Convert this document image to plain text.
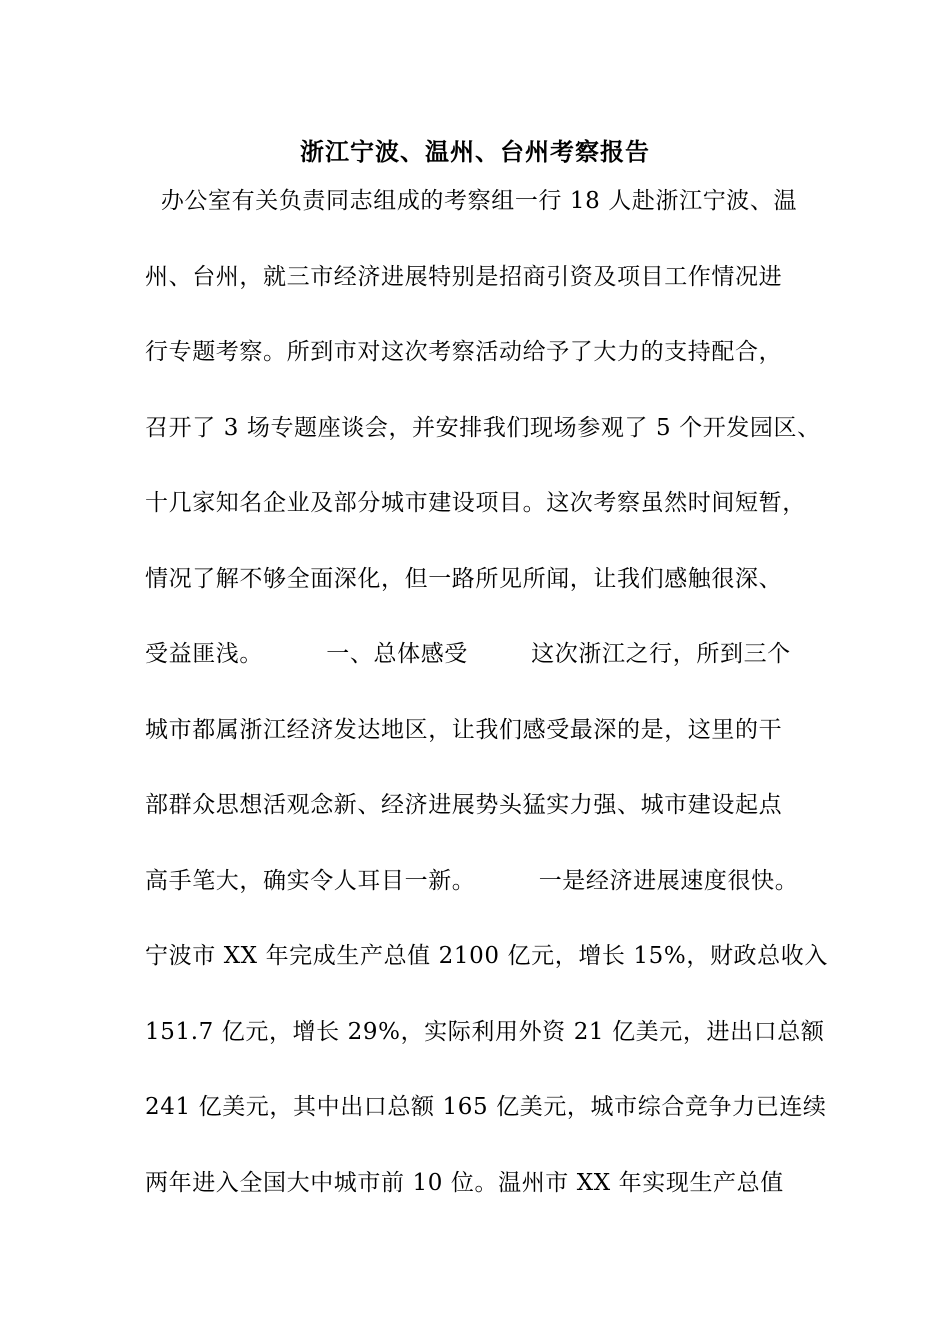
浙江宁波、温州、台州考察报告
办公室有关负责同志组成的考察组一行 18 人赴浙江宁波、温
州、台州，就三市经济进展特别是招商引资及项目工作情况进
行专题考察。所到市对这次考察活动给予了大力的支持配合，
召开了 3 场专题座谈会，并安排我们现场参观了 5 个开发园区、
十几家知名企业及部分城市建设项目。这次考察虽然时间短暂，
情况了解不够全面深化，但一路所见所闻，让我们感触很深、
受益匪浅。        一、总体感受        这次浙江之行，所到三个
城市都属浙江经济发达地区，让我们感受最深的是，这里的干
部群众思想活观念新、经济进展势头猛实力强、城市建设起点
高手笔大，确实令人耳目一新。        一是经济进展速度很快。
宁波市 XX 年完成生产总值 2100 亿元，增长 15%，财政总收入
151.7 亿元，增长 29%，实际利用外资 21 亿美元，进出口总额
241 亿美元，其中出口总额 165 亿美元，城市综合竞争力已连续
两年进入全国大中城市前 10 位。温州市 XX 年实现生产总值
